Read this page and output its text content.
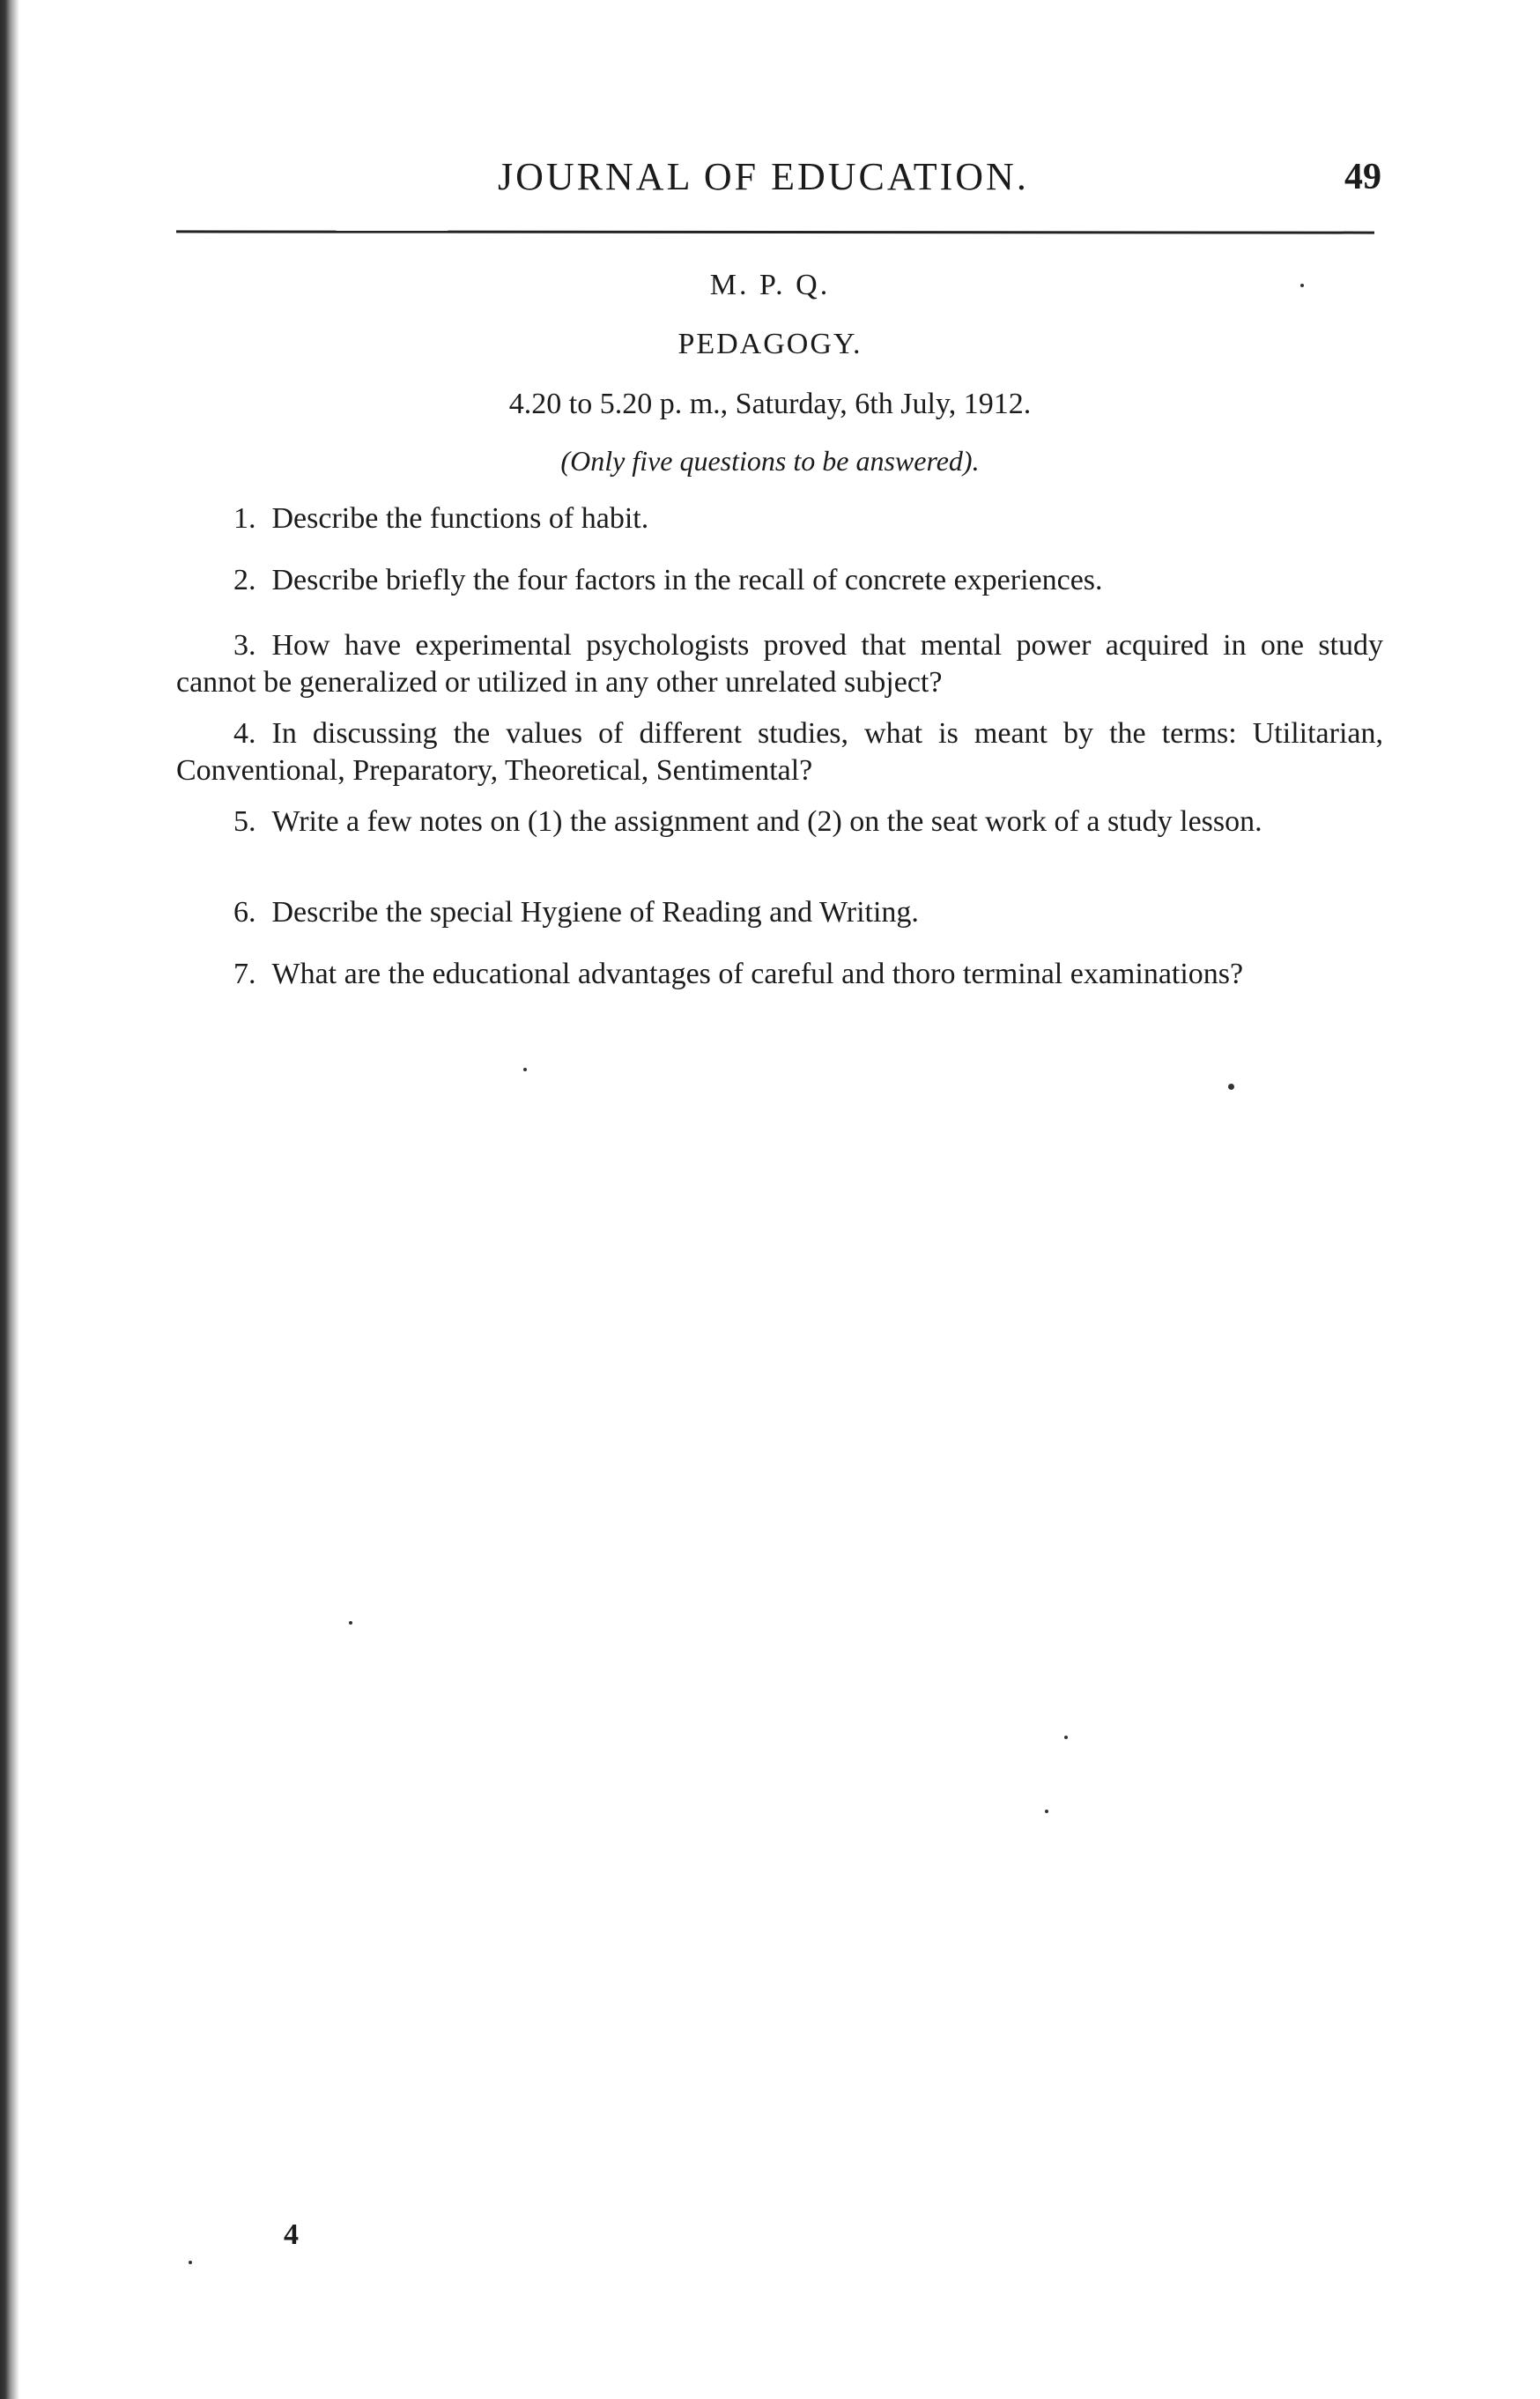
JOURNAL OF EDUCATION.	49
M. P. Q.
PEDAGOGY.
4.20 to 5.20 p. m., Saturday, 6th July, 1912.
(Only five questions to be answered).
1. Describe the functions of habit.
2. Describe briefly the four factors in the recall of concrete experiences.
3. How have experimental psychologists proved that mental power acquired in one study cannot be generalized or utilized in any other unrelated subject?
4. In discussing the values of different studies, what is meant by the terms: Utilitarian, Conventional, Preparatory, Theoretical, Sentimental?
5. Write a few notes on (1) the assignment and (2) on the seat work of a study lesson.
6. Describe the special Hygiene of Reading and Writing.
7. What are the educational advantages of careful and thoro terminal examinations?
4
